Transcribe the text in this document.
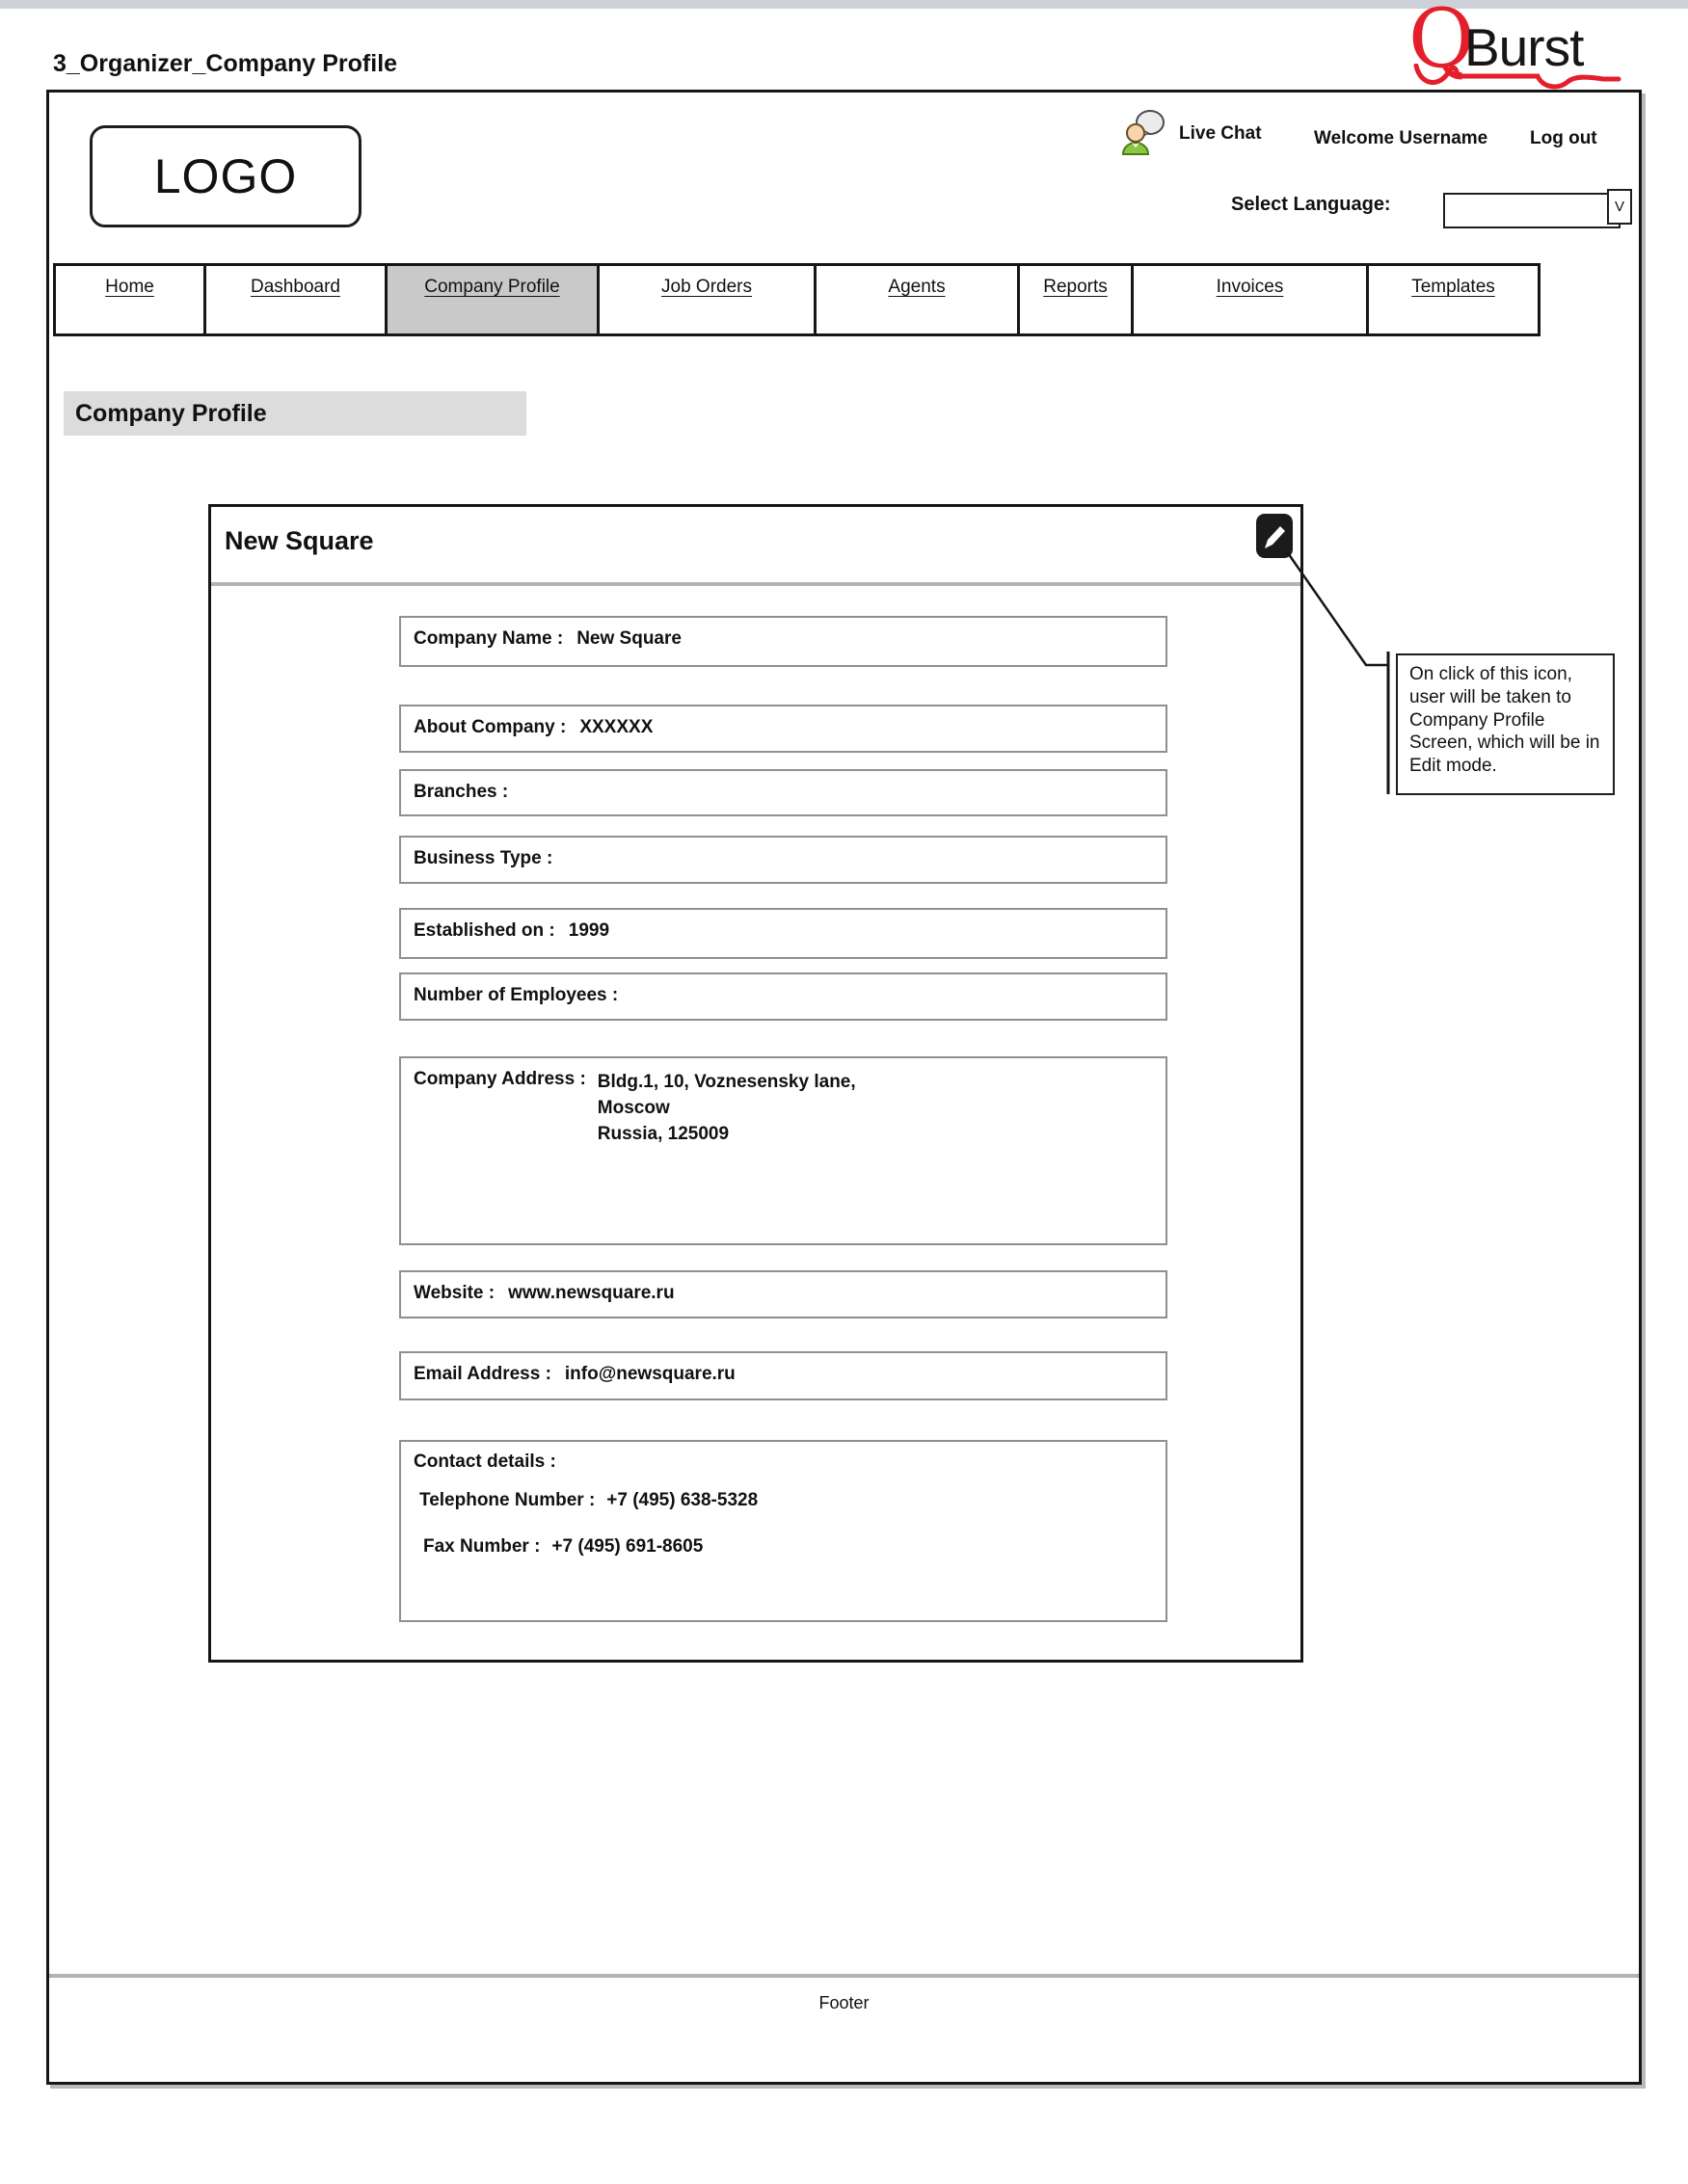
3_Organizer_Company Profile	Q
Burst
LOGO
Live Chat	Welcome Username Log out
Select Language:	V
Home	Dashboard	Company Profile	Job Orders	Agents	Reports	Invoices	Templates
Company Profile
New Square
Company Name : New Square
About Company : XXXXXX
Branches :
Business Type :
Established on : 1999
Number of Employees :
Company Address : Bldg.1, 10, Voznesensky lane,
Moscow
Russia, 125009
Website : www.newsquare.ru
Email Address : info@newsquare.ru
Contact details :
Telephone Number : +7 (495) 638-5328
Fax Number : +7 (495) 691-8605
On click of this icon, user will be taken to Company Profile Screen, which will be in Edit mode.
Footer
